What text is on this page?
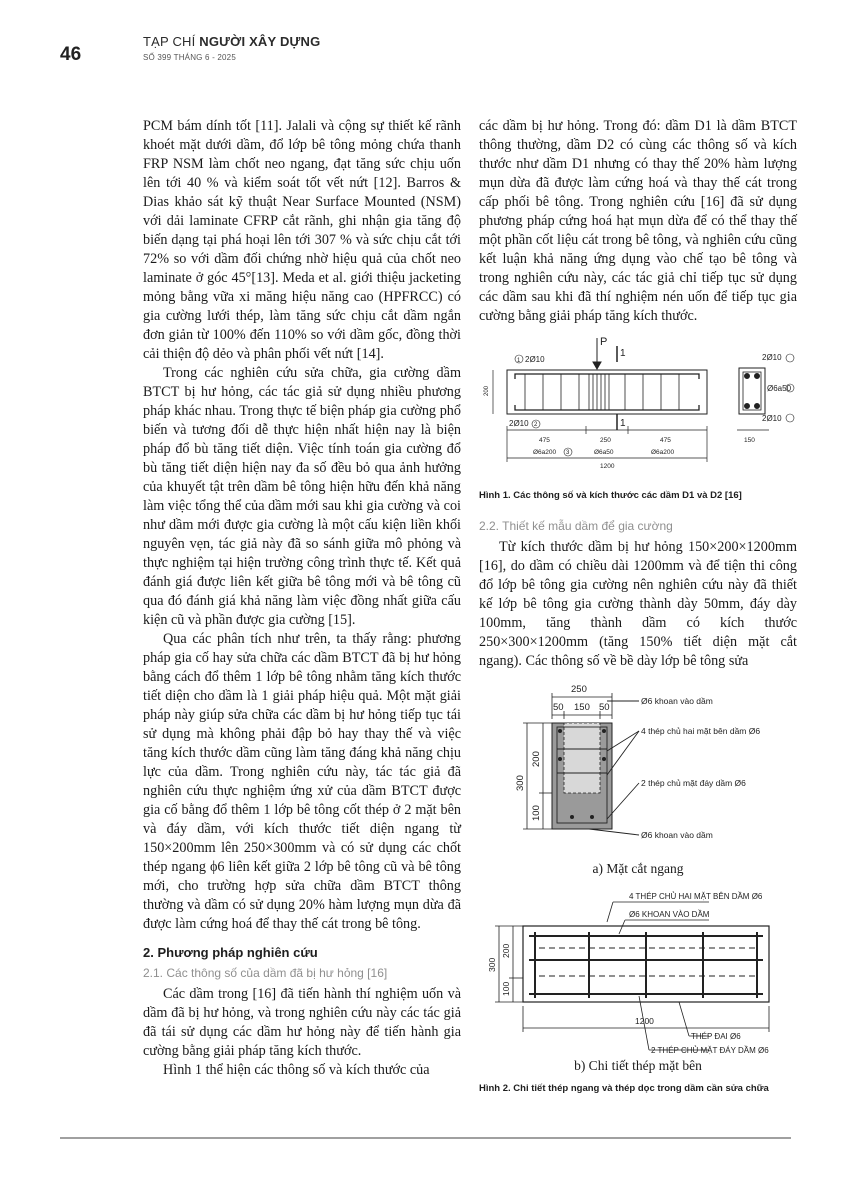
46
TẠP CHÍ NGƯỜI XÂY DỰNG
SỐ 399 THÁNG 6 - 2025

PCM bám dính tốt [11]. Jalali và cộng sự thiết kế rãnh khoét mặt dưới dầm, đổ lớp bê tông mỏng chứa thanh FRP NSM làm chốt neo ngang, đạt tăng sức chịu uốn lên tới 40 % và kiểm soát tốt vết nứt [12]. Barros & Dias khảo sát kỹ thuật Near Surface Mounted (NSM) với dải laminate CFRP cắt rãnh, ghi nhận gia tăng độ biến dạng tại phá hoại lên tới 307 % và sức chịu cắt tới 72% so với dầm đối chứng nhờ hiệu quả của chốt neo laminate ở góc 45°[13]. Meda et al. giới thiệu jacketing mỏng bằng vữa xi măng hiệu năng cao (HPFRCC) có gia cường lưới thép, làm tăng sức chịu cắt dầm ngắn đơn giản từ 100% đến 110% so với dầm gốc, đồng thời cải thiện độ dẻo và phân phối vết nứt [14].

Trong các nghiên cứu sửa chữa, gia cường dầm BTCT bị hư hỏng, các tác giả sử dụng nhiều phương pháp khác nhau. Trong thực tế biện pháp gia cường phổ biến và tương đối dễ thực hiện nhất hiện nay là biện pháp đổ bù tăng tiết diện. Việc tính toán gia cường đổ bù tăng tiết diện hiện nay đa số đều bỏ qua ảnh hưởng của khuyết tật trên dầm bê tông hiện hữu đến khả năng làm việc tổng thể của dầm mới sau khi gia cường và coi như dầm mới được gia cường là một cấu kiện liền khối nguyên vẹn, tác giả này đã so sánh giữa mô phỏng và thực nghiệm tại hiện trường công trình thực tế. Kết quả đánh giá được liên kết giữa bê tông mới và bê tông cũ qua đó đánh giá khả năng làm việc đồng nhất giữa cấu kiện cũ và phần được gia cường [15].

Qua các phân tích như trên, ta thấy rằng: phương pháp gia cố hay sửa chữa các dầm BTCT đã bị hư hỏng bằng cách đổ thêm 1 lớp bê tông nhằm tăng kích thước tiết diện cho dầm là 1 giải pháp hiệu quả. Một mặt giải pháp này giúp sửa chữa các dầm bị hư hỏng tiếp tục tái sử dụng mà không phải đập bỏ hay thay thế và việc tăng kích thước dầm cũng làm tăng đáng khả năng chịu lực của dầm. Trong nghiên cứu này, tác tác giả đã nghiên cứu thực nghiệm ứng xử của dầm BTCT được gia cố bằng đổ thêm 1 lớp bê tông cốt thép ở 2 mặt bên và đáy dầm, với kích thước tiết diện ngang từ 150×200mm lên 250×300mm và có sử dụng các chốt thép ngang ϕ6 liên kết giữa 2 lớp bê tông cũ và bê tông mới, cho trường hợp sửa chữa dầm BTCT thông thường và dầm có sử dụng 20% hàm lượng mụn dừa đã được làm cứng hoá để thay thế cát trong bê tông.

2. Phương pháp nghiên cứu
2.1. Các thông số của dầm đã bị hư hỏng [16]

Các dầm trong [16] đã tiến hành thí nghiệm uốn và dầm đã bị hư hỏng, và trong nghiên cứu này các tác giả đã tái sử dụng các dầm hư hỏng này để tiến hành gia cường bằng giải pháp tăng kích thước.

Hình 1 thể hiện các thông số và kích thước của

các dầm bị hư hỏng. Trong đó: dầm D1 là dầm BTCT thông thường, dầm D2 có cùng các thông số và kích thước như dầm D1 nhưng có thay thế 20% hàm lượng mụn dừa đã được làm cứng hoá và thay thế cát trong cấp phối bê tông. Trong nghiên cứu [16] đã sử dụng phương pháp cứng hoá hạt mụn dừa để có thể thay thế một phần cốt liệu cát trong bê tông, và nghiên cứu cũng kết luận khả năng ứng dụng vào chế tạo bê tông và trong nghiên cứu này, các tác giả chỉ tiếp tục sử dụng các dầm sau khi đã thí nghiệm nén uốn để tiếp tục gia cường bằng giải pháp tăng kích thước.

P
1
1
2Ø10
1
2Ø10 2
200
475	250	475
Ø6a200 3	Ø6a50	Ø6a200
1200
2Ø10
Ø6a50
2Ø10
150
Hình 1. Các thông số và kích thước các dầm D1 và D2 [16]
2.2. Thiết kế mẫu dầm để gia cường

Từ kích thước dầm bị hư hỏng 150×200×1200mm [16], do dầm có chiều dài 1200mm và để tiện thi công đổ lớp bê tông gia cường nên nghiên cứu này đã thiết kế lớp bê tông gia cường thành dày 50mm, đáy dày 100mm, tăng thành dầm có kích thước 250×300×1200mm (tăng 150% tiết diện mặt cắt ngang). Các thông số về bề dày lớp bê tông sửa

250
50 150 50
300
200
100
Ø6 khoan vào dầm
4 thép chủ hai mặt bên dầm Ø6
2 thép chủ mặt đáy dầm Ø6
Ø6 khoan vào dầm
a) Mặt cắt ngang
4 THÉP CHỦ HAI MẶT BÊN DẦM Ø6
Ø6 KHOAN VÀO DẦM
300
200
100
1200
THÉP ĐAI Ø6
2 THÉP CHỦ MẶT ĐÁY DẦM Ø6
b) Chi tiết thép mặt bên
Hình 2. Chi tiết thép ngang và thép dọc trong dầm cần sửa chữa
